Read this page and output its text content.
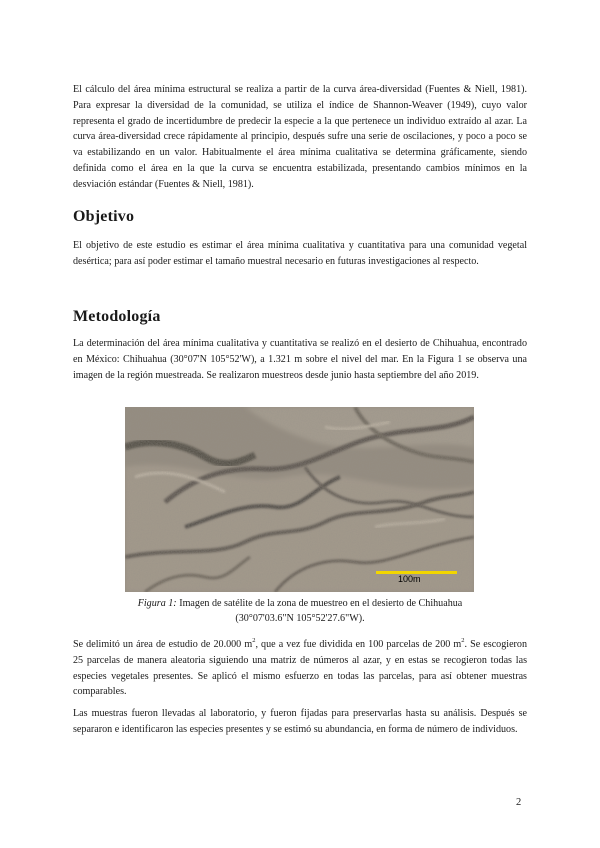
El cálculo del área mínima estructural se realiza a partir de la curva área-diversidad (Fuentes & Niell, 1981). Para expresar la diversidad de la comunidad, se utiliza el índice de Shannon-Weaver (1949), cuyo valor representa el grado de incertidumbre de predecir la especie a la que pertenece un individuo extraído al azar. La curva área-diversidad crece rápidamente al principio, después sufre una serie de oscilaciones, y poco a poco se va estabilizando en un valor. Habitualmente el área mínima cualitativa se determina gráficamente, siendo definida como el área en la que la curva se encuentra estabilizada, presentando cambios mínimos en la desviación estándar (Fuentes & Niell, 1981).

Objetivo

El objetivo de este estudio es estimar el área mínima cualitativa y cuantitativa para una comunidad vegetal desértica; para así poder estimar el tamaño muestral necesario en futuras investigaciones al respecto.

Metodología

La determinación del área mínima cualitativa y cuantitativa se realizó en el desierto de Chihuahua, encontrado en México: Chihuahua (30°07'N 105°52'W), a 1.321 m sobre el nivel del mar. En la Figura 1 se observa una imagen de la región muestreada. Se realizaron muestreos desde junio hasta septiembre del año 2019.

100m

Figura 1: Imagen de satélite de la zona de muestreo en el desierto de Chihuahua
(30°07'03.6"N 105°52'27.6"W).

Se delimitó un área de estudio de 20.000 $m^2$, que a vez fue dividida en 100 parcelas de 200 $m^2$. Se escogieron 25 parcelas de manera aleatoria siguiendo una matriz de números al azar, y en estas se recogieron todas las especies vegetales presentes. Se aplicó el mismo esfuerzo en todas las parcelas, para así obtener muestras comparables.

Las muestras fueron llevadas al laboratorio, y fueron fijadas para preservarlas hasta su análisis. Después se separaron e identificaron las especies presentes y se estimó su abundancia, en forma de número de individuos.

2
